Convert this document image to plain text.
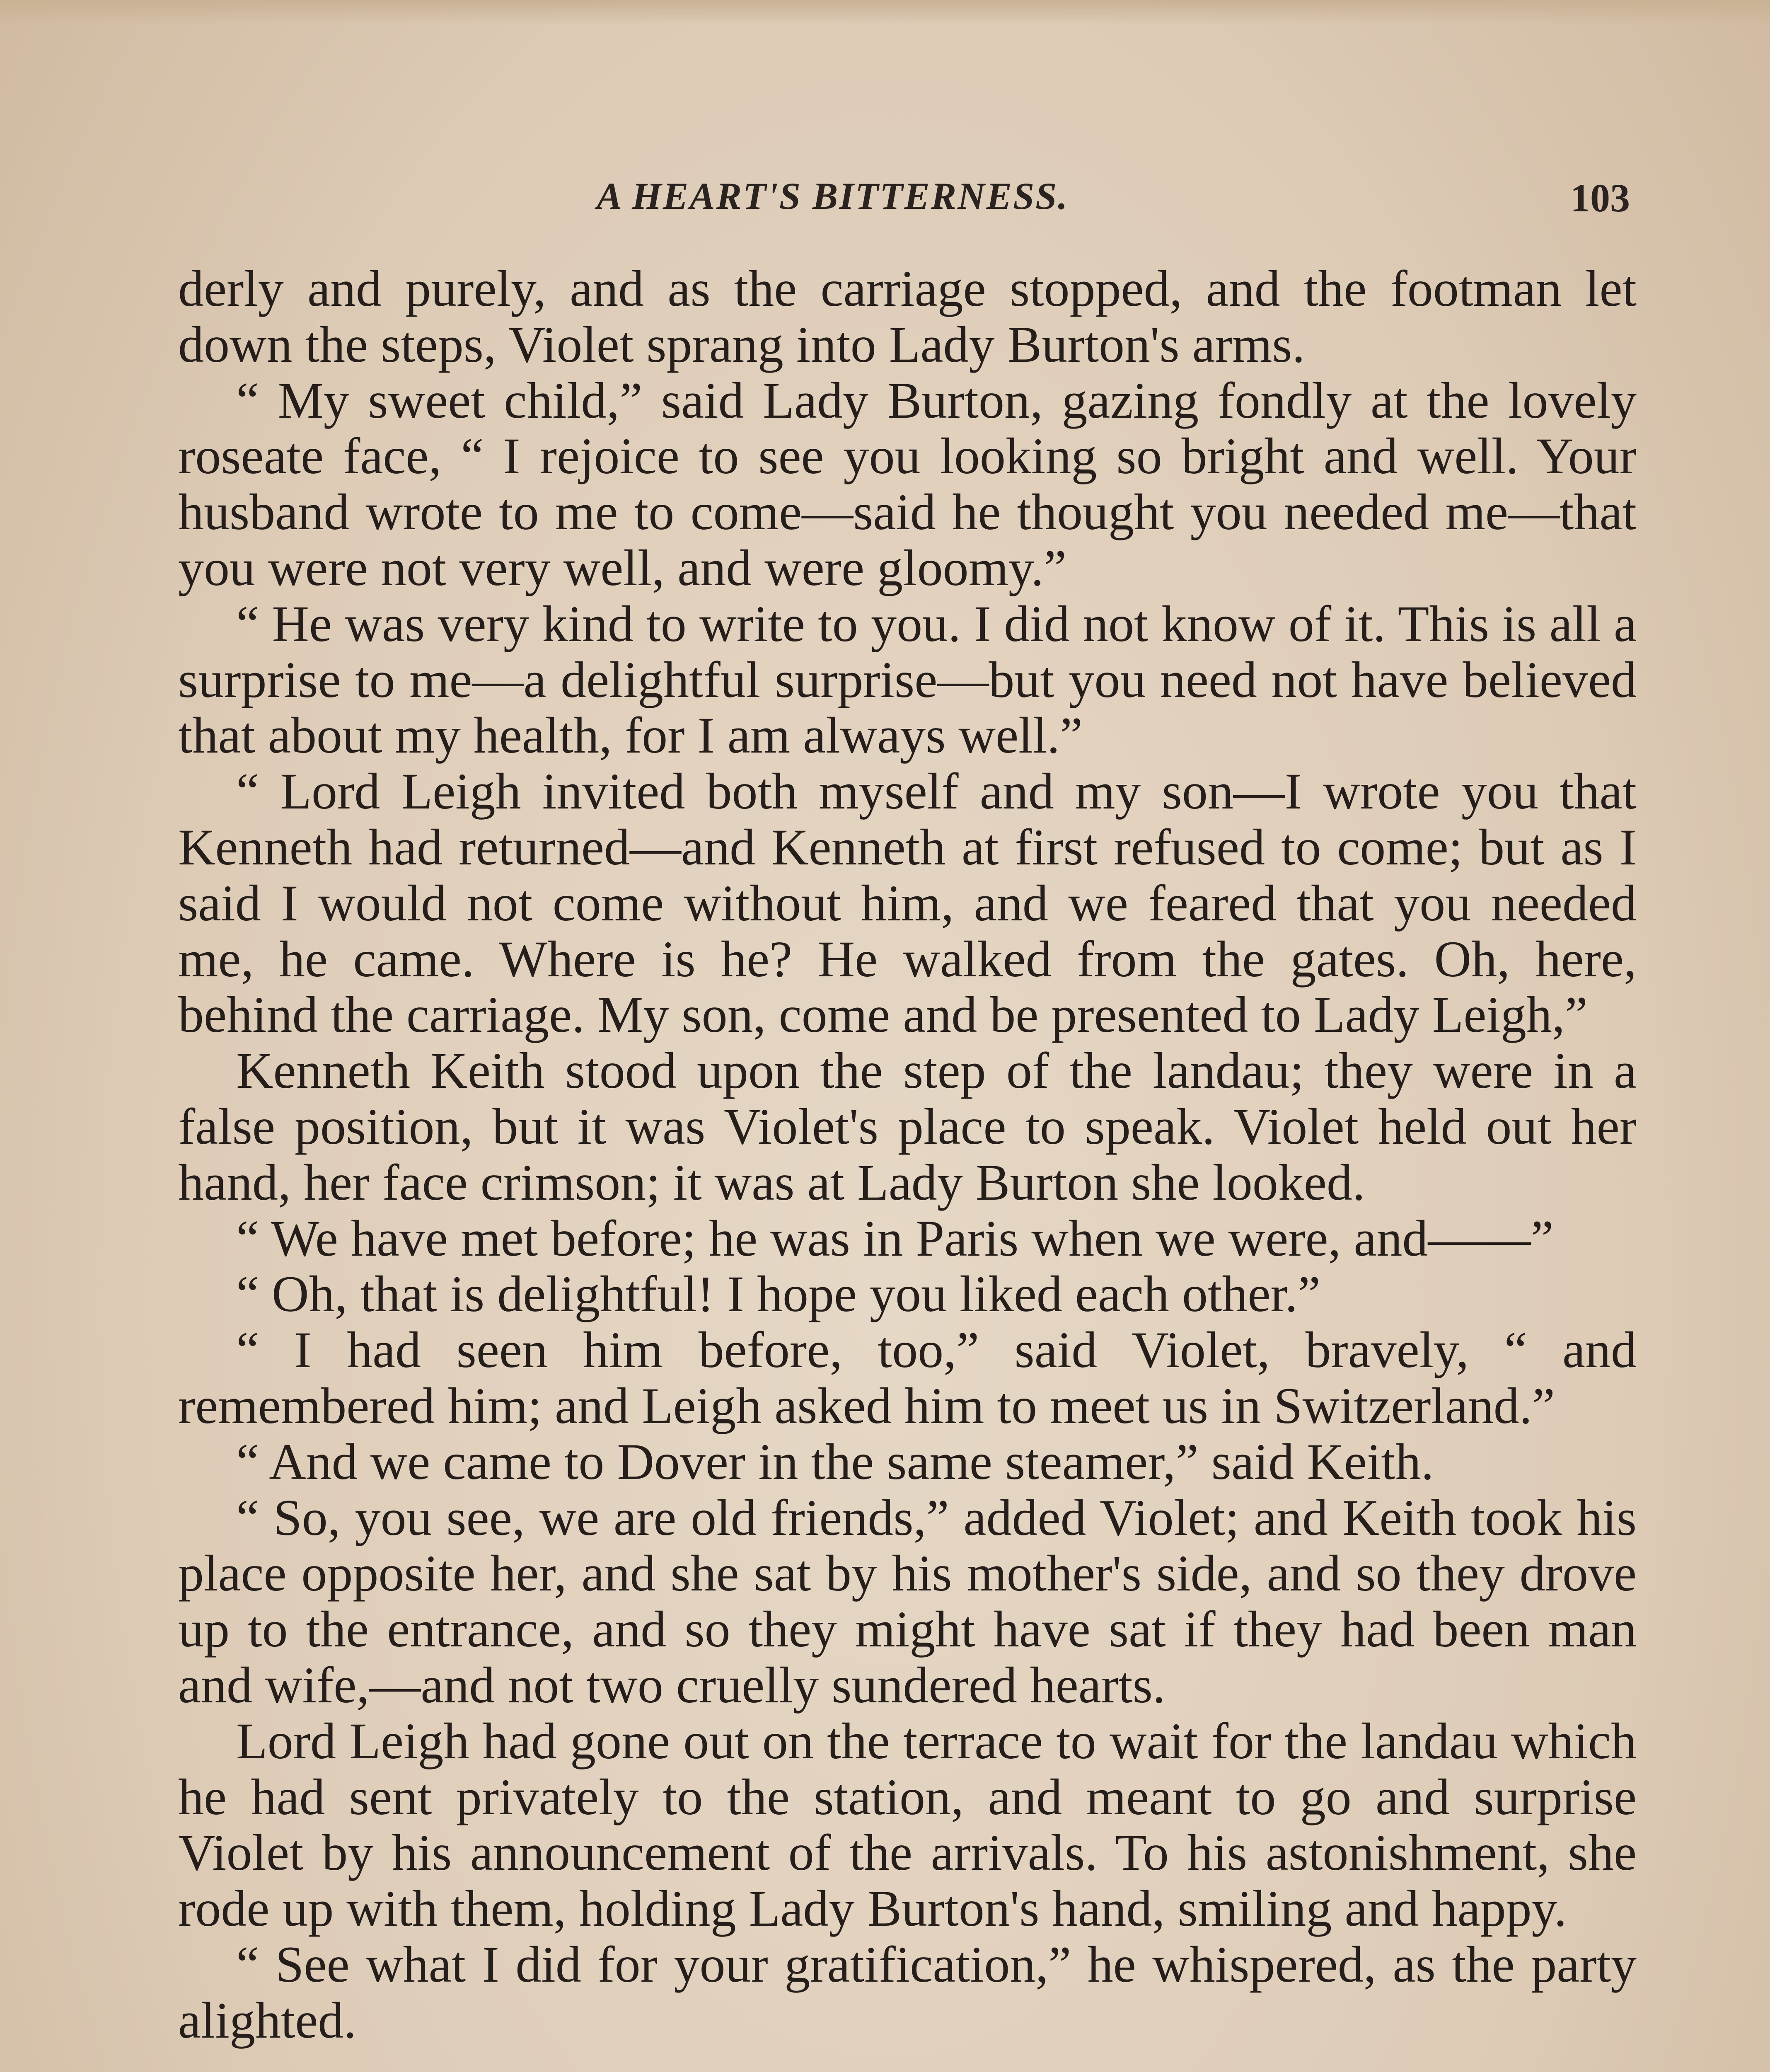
A HEART'S BITTERNESS.	103

derly and purely, and as the carriage stopped, and the footman let down the steps, Violet sprang into Lady Burton's arms.

“ My sweet child,” said Lady Burton, gazing fondly at the lovely roseate face, “ I rejoice to see you looking so bright and well. Your husband wrote to me to come—said he thought you needed me—that you were not very well, and were gloomy.”

“ He was very kind to write to you. I did not know of it. This is all a surprise to me—a delightful surprise—but you need not have believed that about my health, for I am always well.”

“ Lord Leigh invited both myself and my son—I wrote you that Kenneth had returned—and Kenneth at first refused to come; but as I said I would not come without him, and we feared that you needed me, he came. Where is he? He walked from the gates. Oh, here, behind the carriage. My son, come and be presented to Lady Leigh,”

Kenneth Keith stood upon the step of the landau; they were in a false position, but it was Violet's place to speak. Violet held out her hand, her face crimson; it was at Lady Burton she looked.

“ We have met before; he was in Paris when we were, and——”

“ Oh, that is delightful! I hope you liked each other.”

“ I had seen him before, too,” said Violet, bravely, “ and remembered him; and Leigh asked him to meet us in Switzerland.”

“ And we came to Dover in the same steamer,” said Keith.

“ So, you see, we are old friends,” added Violet; and Keith took his place opposite her, and she sat by his mother's side, and so they drove up to the entrance, and so they might have sat if they had been man and wife,—and not two cruelly sundered hearts.

Lord Leigh had gone out on the terrace to wait for the landau which he had sent privately to the station, and meant to go and surprise Violet by his announcement of the arrivals. To his astonishment, she rode up with them, holding Lady Burton's hand, smiling and happy.

“ See what I did for your gratification,” he whispered, as the party alighted.
